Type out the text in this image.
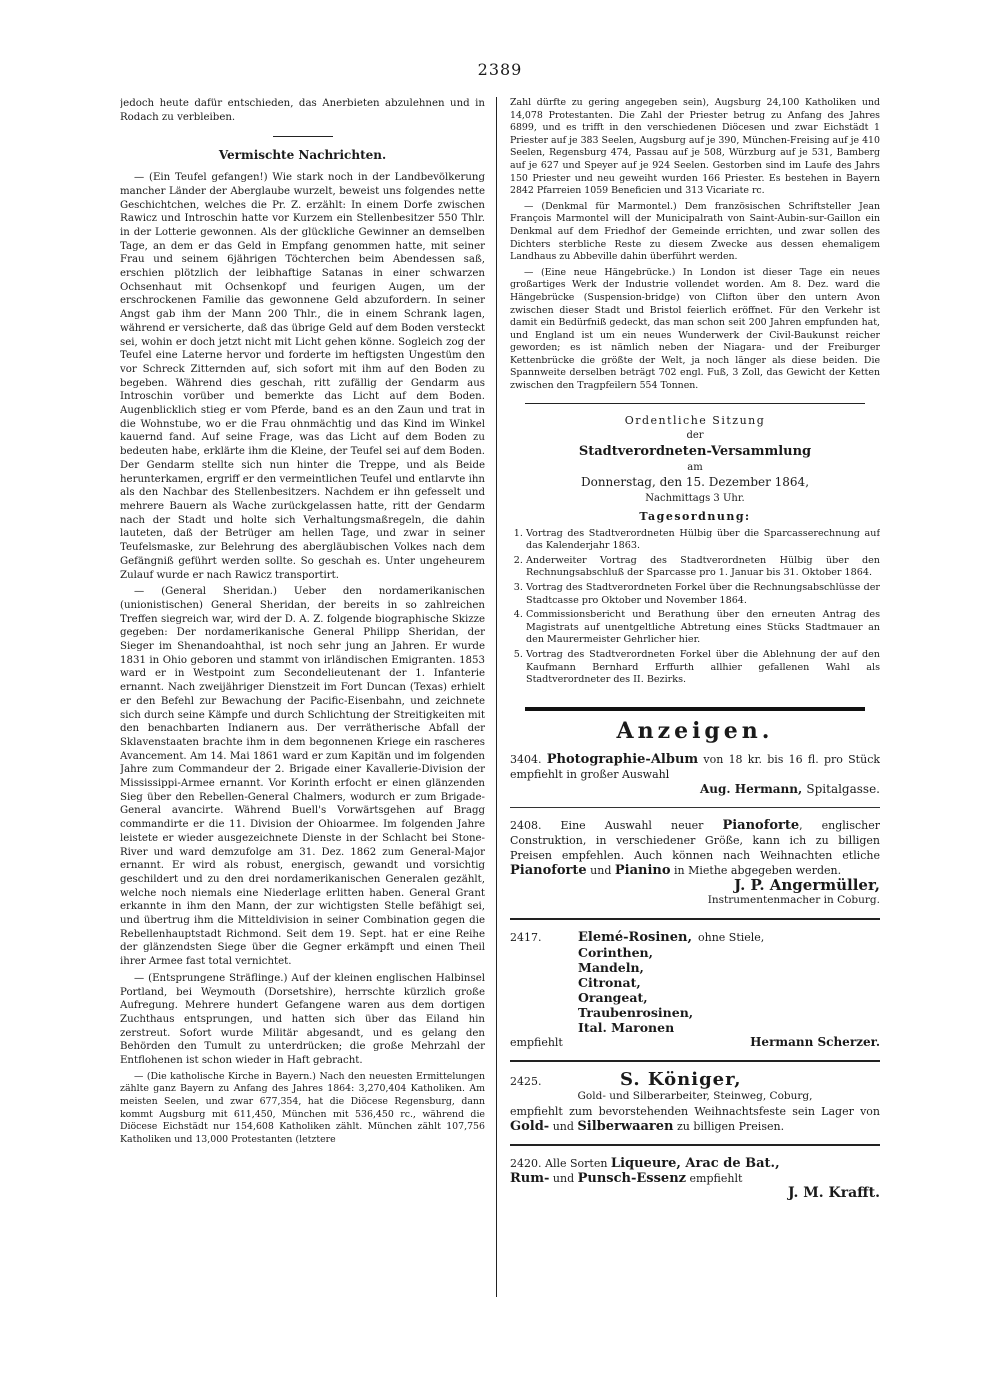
2389

jedoch heute dafür entschieden, das Anerbieten abzulehnen und in Rodach zu verbleiben.

Vermischte Nachrichten.

— (Ein Teufel gefangen!) Wie stark noch in der Landbevölkerung mancher Länder der Aberglaube wurzelt, beweist uns folgendes nette Geschichtchen, welches die Pr. Z. erzählt: In einem Dorfe zwischen Rawicz und Introschin hatte vor Kurzem ein Stellenbesitzer 550 Thlr. in der Lotterie gewonnen. Als der glückliche Gewinner an demselben Tage, an dem er das Geld in Empfang genommen hatte, mit seiner Frau und seinem 6jährigen Töchterchen beim Abendessen saß, erschien plötzlich der leibhaftige Satanas in einer schwarzen Ochsenhaut mit Ochsenkopf und feurigen Augen, um der erschrockenen Familie das gewonnene Geld abzufordern. In seiner Angst gab ihm der Mann 200 Thlr., die in einem Schrank lagen, während er versicherte, daß das übrige Geld auf dem Boden versteckt sei, wohin er doch jetzt nicht mit Licht gehen könne. Sogleich zog der Teufel eine Laterne hervor und forderte im heftigsten Ungestüm den vor Schreck Zitternden auf, sich sofort mit ihm auf den Boden zu begeben. Während dies geschah, ritt zufällig der Gendarm aus Introschin vorüber und bemerkte das Licht auf dem Boden. Augenblicklich stieg er vom Pferde, band es an den Zaun und trat in die Wohnstube, wo er die Frau ohnmächtig und das Kind im Winkel kauernd fand. Auf seine Frage, was das Licht auf dem Boden zu bedeuten habe, erklärte ihm die Kleine, der Teufel sei auf dem Boden. Der Gendarm stellte sich nun hinter die Treppe, und als Beide herunterkamen, ergriff er den vermeintlichen Teufel und entlarvte ihn als den Nachbar des Stellenbesitzers. Nachdem er ihn gefesselt und mehrere Bauern als Wache zurückgelassen hatte, ritt der Gendarm nach der Stadt und holte sich Verhaltungsmaßregeln, die dahin lauteten, daß der Betrüger am hellen Tage, und zwar in seiner Teufelsmaske, zur Belehrung des abergläubischen Volkes nach dem Gefängniß geführt werden sollte. So geschah es. Unter ungeheurem Zulauf wurde er nach Rawicz transportirt.

— (General Sheridan.) Ueber den nordamerikanischen (unionistischen) General Sheridan, der bereits in so zahlreichen Treffen siegreich war, wird der D. A. Z. folgende biographische Skizze gegeben: Der nordamerikanische General Philipp Sheridan, der Sieger im Shenandoahthal, ist noch sehr jung an Jahren. Er wurde 1831 in Ohio geboren und stammt von irländischen Emigranten. 1853 ward er in Westpoint zum Secondelieutenant der 1. Infanterie ernannt. Nach zweijähriger Dienstzeit im Fort Duncan (Texas) erhielt er den Befehl zur Bewachung der Pacific-Eisenbahn, und zeichnete sich durch seine Kämpfe und durch Schlichtung der Streitigkeiten mit den benachbarten Indianern aus. Der verrätherische Abfall der Sklavenstaaten brachte ihm in dem begonnenen Kriege ein rascheres Avancement. Am 14. Mai 1861 ward er zum Kapitän und im folgenden Jahre zum Commandeur der 2. Brigade einer Kavallerie-Division der Mississippi-Armee ernannt. Vor Korinth erfocht er einen glänzenden Sieg über den Rebellen-General Chalmers, wodurch er zum Brigade-General avancirte. Während Buell's Vorwärtsgehen auf Bragg commandirte er die 11. Division der Ohioarmee. Im folgenden Jahre leistete er wieder ausgezeichnete Dienste in der Schlacht bei Stone-River und ward demzufolge am 31. Dez. 1862 zum General-Major ernannt. Er wird als robust, energisch, gewandt und vorsichtig geschildert und zu den drei nordamerikanischen Generalen gezählt, welche noch niemals eine Niederlage erlitten haben. General Grant erkannte in ihm den Mann, der zur wichtigsten Stelle befähigt sei, und übertrug ihm die Mitteldivision in seiner Combination gegen die Rebellenhauptstadt Richmond. Seit dem 19. Sept. hat er eine Reihe der glänzendsten Siege über die Gegner erkämpft und einen Theil ihrer Armee fast total vernichtet.

— (Entsprungene Sträflinge.) Auf der kleinen englischen Halbinsel Portland, bei Weymouth (Dorsetshire), herrschte kürzlich große Aufregung. Mehrere hundert Gefangene waren aus dem dortigen Zuchthaus entsprungen, und hatten sich über das Eiland hin zerstreut. Sofort wurde Militär abgesandt, und es gelang den Behörden den Tumult zu unterdrücken; die große Mehrzahl der Entflohenen ist schon wieder in Haft gebracht.

— (Die katholische Kirche in Bayern.) Nach den neuesten Ermittelungen zählte ganz Bayern zu Anfang des Jahres 1864: 3,270,404 Katholiken. Am meisten Seelen, und zwar 677,354, hat die Diöcese Regensburg, dann kommt Augsburg mit 611,450, München mit 536,450 rc., während die Diöcese Eichstädt nur 154,608 Katholiken zählt. München zählt 107,756 Katholiken und 13,000 Protestanten (letztere

Zahl dürfte zu gering angegeben sein), Augsburg 24,100 Katholiken und 14,078 Protestanten. Die Zahl der Priester betrug zu Anfang des Jahres 6899, und es trifft in den verschiedenen Diöcesen und zwar Eichstädt 1 Priester auf je 383 Seelen, Augsburg auf je 390, München-Freising auf je 410 Seelen, Regensburg 474, Passau auf je 508, Würzburg auf je 531, Bamberg auf je 627 und Speyer auf je 924 Seelen. Gestorben sind im Laufe des Jahrs 150 Priester und neu geweiht wurden 166 Priester. Es bestehen in Bayern 2842 Pfarreien 1059 Beneficien und 313 Vicariate rc.

— (Denkmal für Marmontel.) Dem französischen Schriftsteller Jean François Marmontel will der Municipalrath von Saint-Aubin-sur-Gaillon ein Denkmal auf dem Friedhof der Gemeinde errichten, und zwar sollen des Dichters sterbliche Reste zu diesem Zwecke aus dessen ehemaligem Landhaus zu Abbeville dahin überführt werden.

— (Eine neue Hängebrücke.) In London ist dieser Tage ein neues großartiges Werk der Industrie vollendet worden. Am 8. Dez. ward die Hängebrücke (Suspension-bridge) von Clifton über den untern Avon zwischen dieser Stadt und Bristol feierlich eröffnet. Für den Verkehr ist damit ein Bedürfniß gedeckt, das man schon seit 200 Jahren empfunden hat, und England ist um ein neues Wunderwerk der Civil-Baukunst reicher geworden; es ist nämlich neben der Niagara- und der Freiburger Kettenbrücke die größte der Welt, ja noch länger als diese beiden. Die Spannweite derselben beträgt 702 engl. Fuß, 3 Zoll, das Gewicht der Ketten zwischen den Tragpfeilern 554 Tonnen.

Ordentliche Sitzung
der
Stadtverordneten-Versammlung
am
Donnerstag, den 15. Dezember 1864,
Nachmittags 3 Uhr.
Tagesordnung:
1. Vortrag des Stadtverordneten Hülbig über die Sparcasserechnung auf das Kalenderjahr 1863.
2. Anderweiter Vortrag des Stadtverordneten Hülbig über den Rechnungsabschluß der Sparcasse pro 1. Januar bis 31. Oktober 1864.
3. Vortrag des Stadtverordneten Forkel über die Rechnungsabschlüsse der Stadtcasse pro Oktober und November 1864.
4. Commissionsbericht und Berathung über den erneuten Antrag des Magistrats auf unentgeltliche Abtretung eines Stücks Stadtmauer an den Maurermeister Gehrlicher hier.
5. Vortrag des Stadtverordneten Forkel über die Ablehnung der auf den Kaufmann Bernhard Erffurth allhier gefallenen Wahl als Stadtverordneter des II. Bezirks.
Anzeigen.
3404. Photographie-Album von 18 kr. bis 16 fl. pro Stück empfiehlt in großer Auswahl
Aug. Hermann, Spitalgasse.
2408. Eine Auswahl neuer Pianoforte, englischer Construktion, in verschiedener Größe, kann ich zu billigen Preisen empfehlen. Auch können nach Weihnachten etliche Pianoforte und Pianino in Miethe abgegeben werden.
J. P. Angermüller,
Instrumentenmacher in Coburg.
2417.	Elemé-Rosinen, ohne Stiele,
Corinthen,
Mandeln,
Citronat,
Orangeat,
Traubenrosinen,
Ital. Maronen
empfiehlt	Hermann Scherzer.
2425.	S. Königer,
Gold- und Silberarbeiter, Steinweg, Coburg,
empfiehlt zum bevorstehenden Weihnachtsfeste sein Lager von Gold- und Silberwaaren zu billigen Preisen.
2420. Alle Sorten Liqueure, Arac de Bat.,
Rum- und Punsch-Essenz empfiehlt
J. M. Krafft.
